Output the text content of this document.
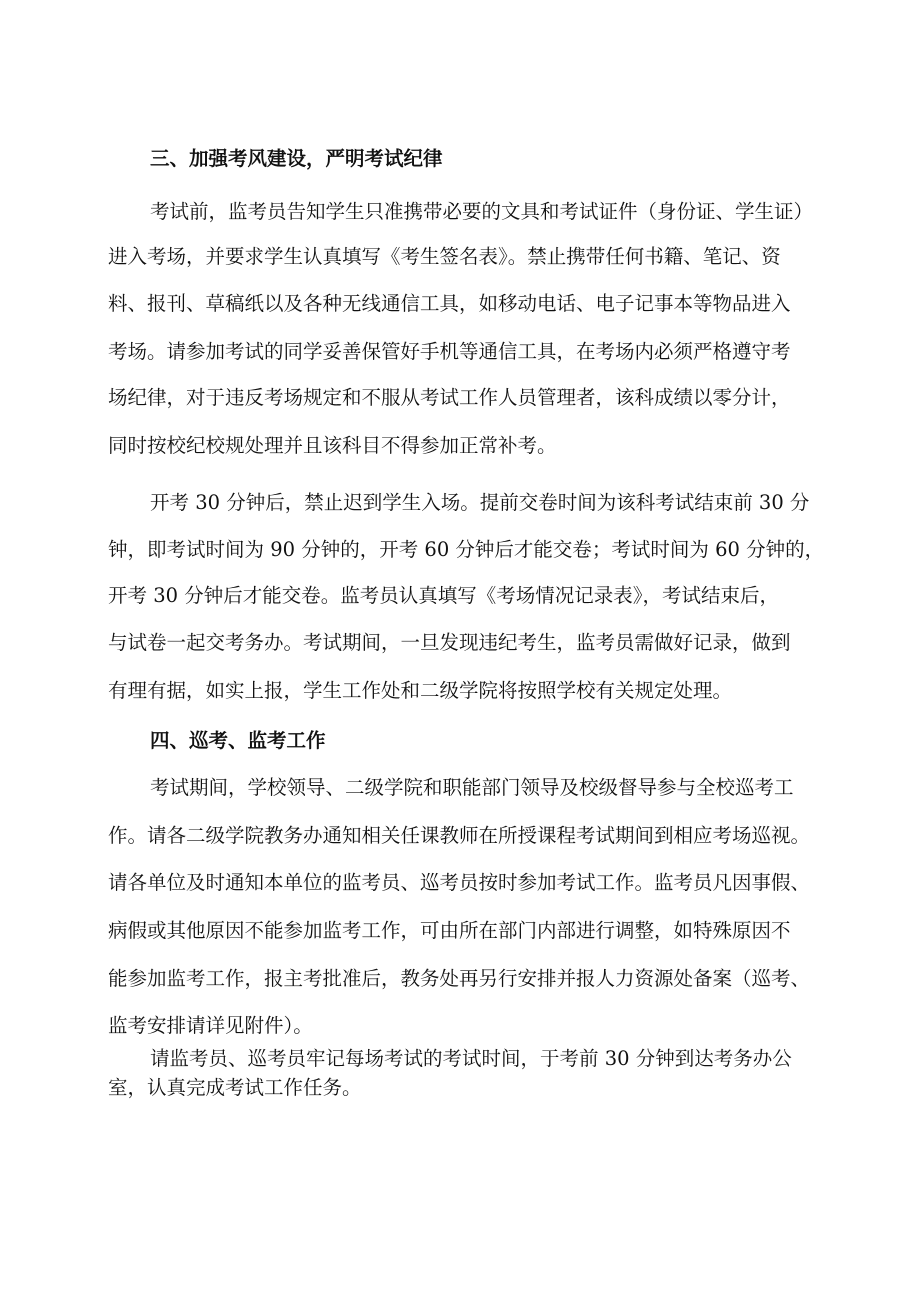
三、加强考风建设，严明考试纪律
考试前，监考员告知学生只准携带必要的文具和考试证件（身份证、学生证）
进入考场，并要求学生认真填写《考生签名表》。禁止携带任何书籍、笔记、资
料、报刊、草稿纸以及各种无线通信工具，如移动电话、电子记事本等物品进入
考场。请参加考试的同学妥善保管好手机等通信工具，在考场内必须严格遵守考
场纪律，对于违反考场规定和不服从考试工作人员管理者，该科成绩以零分计，
同时按校纪校规处理并且该科目不得参加正常补考。
开考 30 分钟后，禁止迟到学生入场。提前交卷时间为该科考试结束前 30 分
钟，即考试时间为 90 分钟的，开考 60 分钟后才能交卷；考试时间为 60 分钟的，
开考 30 分钟后才能交卷。监考员认真填写《考场情况记录表》，考试结束后，
与试卷一起交考务办。考试期间，一旦发现违纪考生，监考员需做好记录，做到
有理有据，如实上报，学生工作处和二级学院将按照学校有关规定处理。
四、巡考、监考工作
考试期间，学校领导、二级学院和职能部门领导及校级督导参与全校巡考工
作。请各二级学院教务办通知相关任课教师在所授课程考试期间到相应考场巡视。
请各单位及时通知本单位的监考员、巡考员按时参加考试工作。监考员凡因事假、
病假或其他原因不能参加监考工作，可由所在部门内部进行调整，如特殊原因不
能参加监考工作，报主考批准后，教务处再另行安排并报人力资源处备案（巡考、
监考安排请详见附件）。
请监考员、巡考员牢记每场考试的考试时间，于考前 30 分钟到达考务办公
室，认真完成考试工作任务。
